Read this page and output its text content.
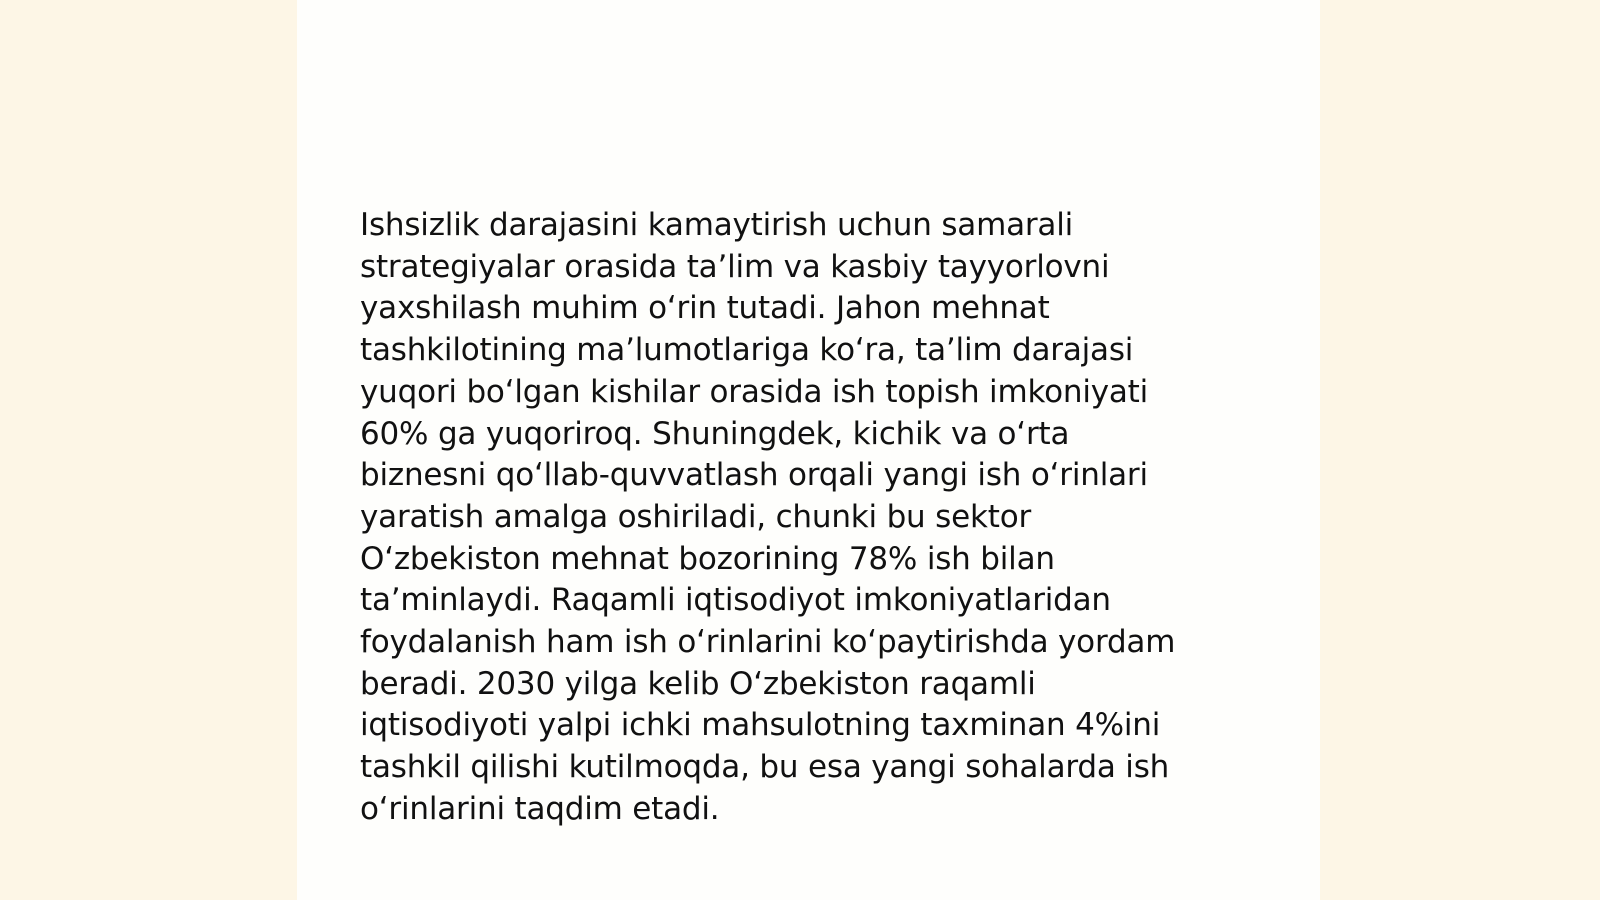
Ishsizlik darajasini kamaytirish uchun samarali
strategiyalar orasida ta’lim va kasbiy tayyorlovni
yaxshilash muhim o‘rin tutadi. Jahon mehnat
tashkilotining ma’lumotlariga ko‘ra, ta’lim darajasi
yuqori bo‘lgan kishilar orasida ish topish imkoniyati
60% ga yuqoriroq. Shuningdek, kichik va o‘rta
biznesni qo‘llab-quvvatlash orqali yangi ish o‘rinlari
yaratish amalga oshiriladi, chunki bu sektor
O‘zbekiston mehnat bozorining 78% ish bilan
ta’minlaydi. Raqamli iqtisodiyot imkoniyatlaridan
foydalanish ham ish o‘rinlarini ko‘paytirishda yordam
beradi. 2030 yilga kelib O‘zbekiston raqamli
iqtisodiyoti yalpi ichki mahsulotning taxminan 4%ini
tashkil qilishi kutilmoqda, bu esa yangi sohalarda ish
o‘rinlarini taqdim etadi.
